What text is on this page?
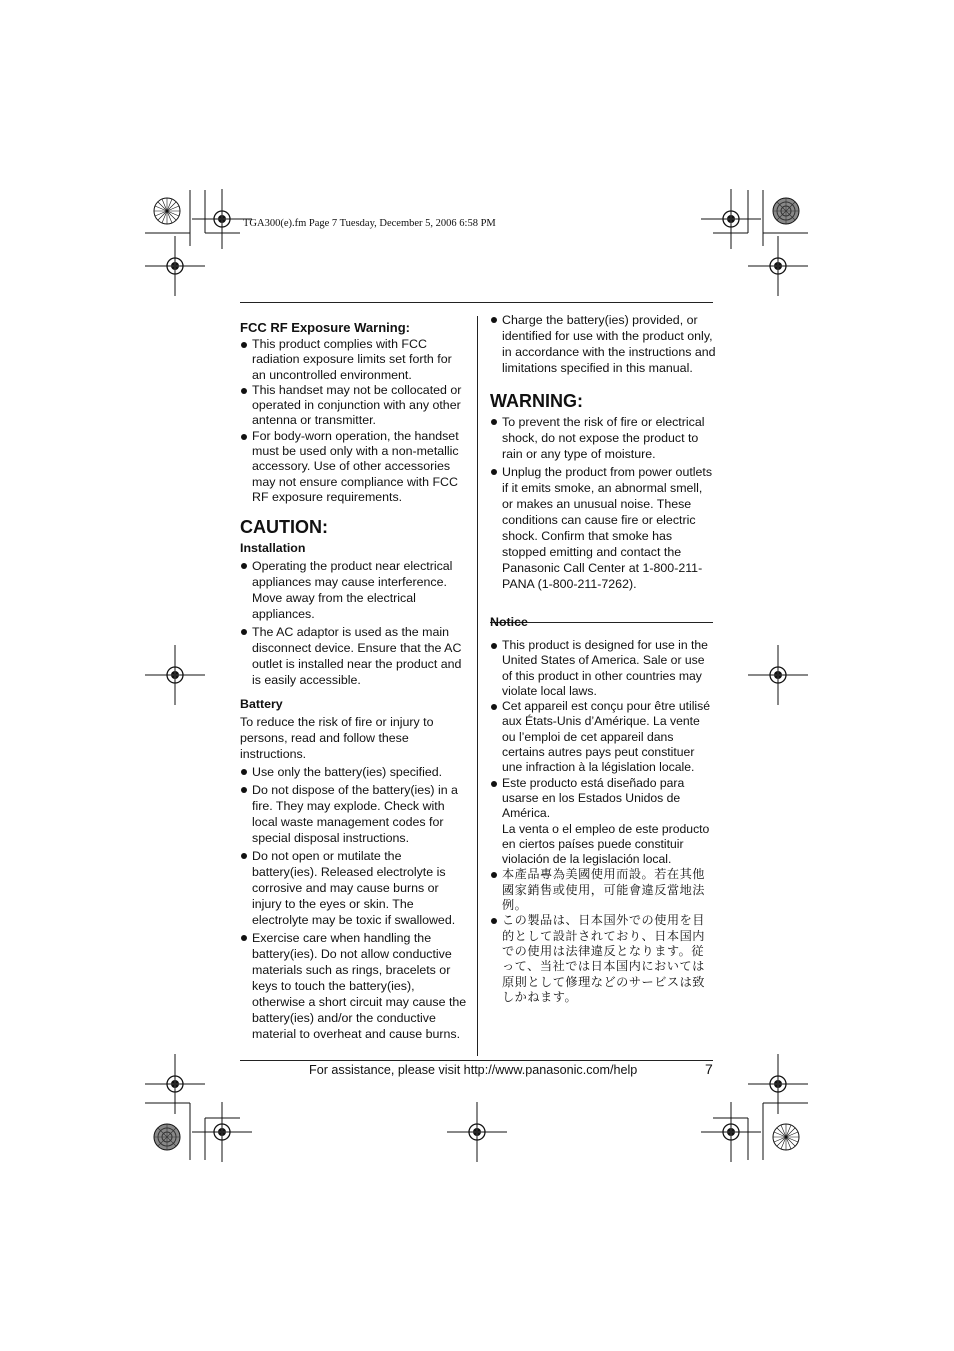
TGA300(e).fm Page 7 Tuesday, December 5, 2006 6:58 PM
FCC RF Exposure Warning:
This product complies with FCC radiation exposure limits set forth for an uncontrolled environment.
This handset may not be collocated or operated in conjunction with any other antenna or transmitter.
For body-worn operation, the handset must be used only with a non-metallic accessory. Use of other accessories may not ensure compliance with FCC RF exposure requirements.
CAUTION:
Installation
Operating the product near electrical appliances may cause interference. Move away from the electrical appliances.
The AC adaptor is used as the main disconnect device. Ensure that the AC outlet is installed near the product and is easily accessible.
Battery
To reduce the risk of fire or injury to persons, read and follow these instructions.
Use only the battery(ies) specified.
Do not dispose of the battery(ies) in a fire. They may explode. Check with local waste management codes for special disposal instructions.
Do not open or mutilate the battery(ies). Released electrolyte is corrosive and may cause burns or injury to the eyes or skin. The electrolyte may be toxic if swallowed.
Exercise care when handling the battery(ies). Do not allow conductive materials such as rings, bracelets or keys to touch the battery(ies), otherwise a short circuit may cause the battery(ies) and/or the conductive material to overheat and cause burns.
Charge the battery(ies) provided, or identified for use with the product only, in accordance with the instructions and limitations specified in this manual.
WARNING:
To prevent the risk of fire or electrical shock, do not expose the product to rain or any type of moisture.
Unplug the product from power outlets if it emits smoke, an abnormal smell, or makes an unusual noise. These conditions can cause fire or electric shock. Confirm that smoke has stopped emitting and contact the Panasonic Call Center at 1-800-211-PANA (1-800-211-7262).
Notice
This product is designed for use in the United States of America. Sale or use of this product in other countries may violate local laws.
Cet appareil est conçu pour être utilisé aux États-Unis d’Amérique. La vente ou l’emploi de cet appareil dans certains autres pays peut constituer une infraction à la législation locale.
Este producto está diseñado para usarse en los Estados Unidos de América.
La venta o el empleo de este producto en ciertos países puede constituir violación de la legislación local.
本產品專為美國使用而設。若在其他國家銷售或使用，可能會違反當地法例。
この製品は、日本国外での使用を目的として設計されており、日本国内での使用は法律違反となります。従って、当社では日本国内においては原則として修理などのサービスは致しかねます。
For assistance, please visit http://www.panasonic.com/help	7
